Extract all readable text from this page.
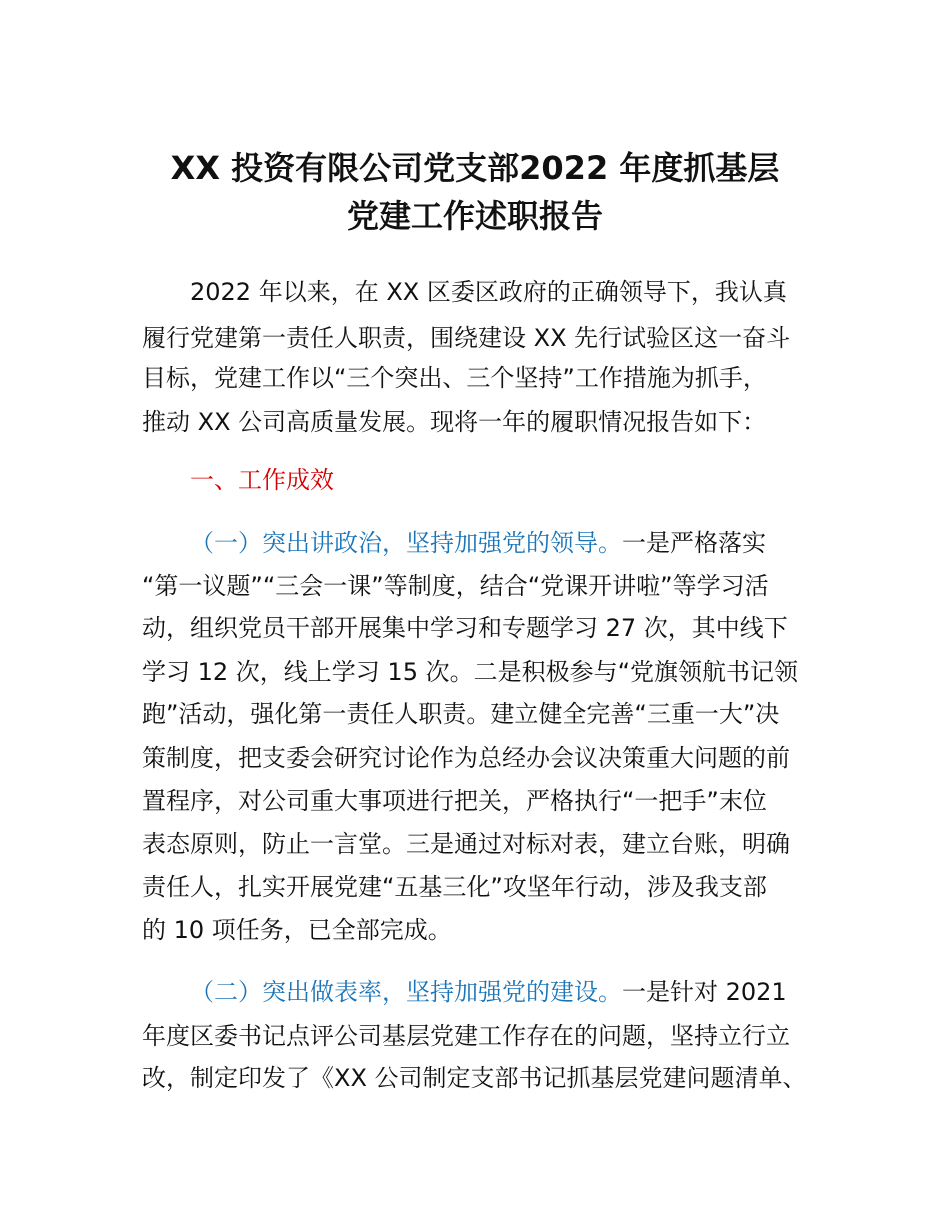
XX 投资有限公司党支部2022 年度抓基层
党建工作述职报告

2022 年以来，在 XX 区委区政府的正确领导下，我认真

履行党建第一责任人职责，围绕建设 XX 先行试验区这一奋斗

目标，党建工作以“三个突出、三个坚持”工作措施为抓手，

推动 XX 公司高质量发展。现将一年的履职情况报告如下：

一、工作成效

（一）突出讲政治，坚持加强党的领导。一是严格落实

“第一议题”“三会一课”等制度，结合“党课开讲啦”等学习活

动，组织党员干部开展集中学习和专题学习 27 次，其中线下

学习 12 次，线上学习 15 次。二是积极参与“党旗领航书记领

跑”活动，强化第一责任人职责。建立健全完善“三重一大”决

策制度，把支委会研究讨论作为总经办会议决策重大问题的前

置程序，对公司重大事项进行把关，严格执行“一把手”末位

表态原则，防止一言堂。三是通过对标对表，建立台账，明确

责任人，扎实开展党建“五基三化”攻坚年行动，涉及我支部

的 10 项任务，已全部完成。

（二）突出做表率，坚持加强党的建设。一是针对 2021

年度区委书记点评公司基层党建工作存在的问题，坚持立行立

改，制定印发了《XX 公司制定支部书记抓基层党建问题清单、
